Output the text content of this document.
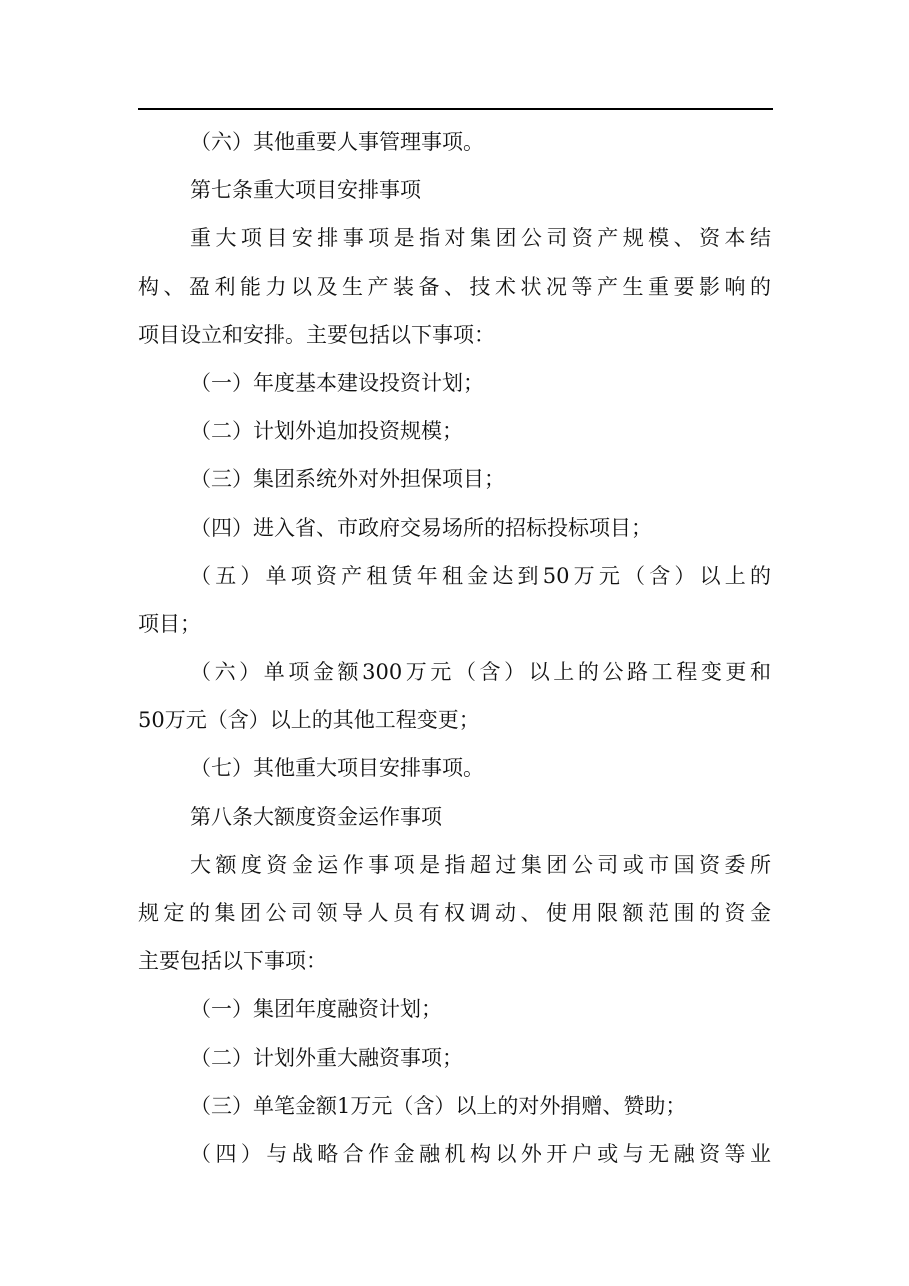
（六）其他重要人事管理事项。
第七条重大项目安排事项
重大项目安排事项是指对集团公司资产规模、资本结
构、盈利能力以及生产装备、技术状况等产生重要影响的
项目设立和安排。主要包括以下事项：
（一）年度基本建设投资计划；
（二）计划外追加投资规模；
（三）集团系统外对外担保项目；
（四）进入省、市政府交易场所的招标投标项目；
（五）单项资产租赁年租金达到50万元（含）以上的
项目；
（六）单项金额300万元（含）以上的公路工程变更和
50万元（含）以上的其他工程变更；
（七）其他重大项目安排事项。
第八条大额度资金运作事项
大额度资金运作事项是指超过集团公司或市国资委所
规定的集团公司领导人员有权调动、使用限额范围的资金
主要包括以下事项：
（一）集团年度融资计划；
（二）计划外重大融资事项；
（三）单笔金额1万元（含）以上的对外捐赠、赞助；
（四）与战略合作金融机构以外开户或与无融资等业
